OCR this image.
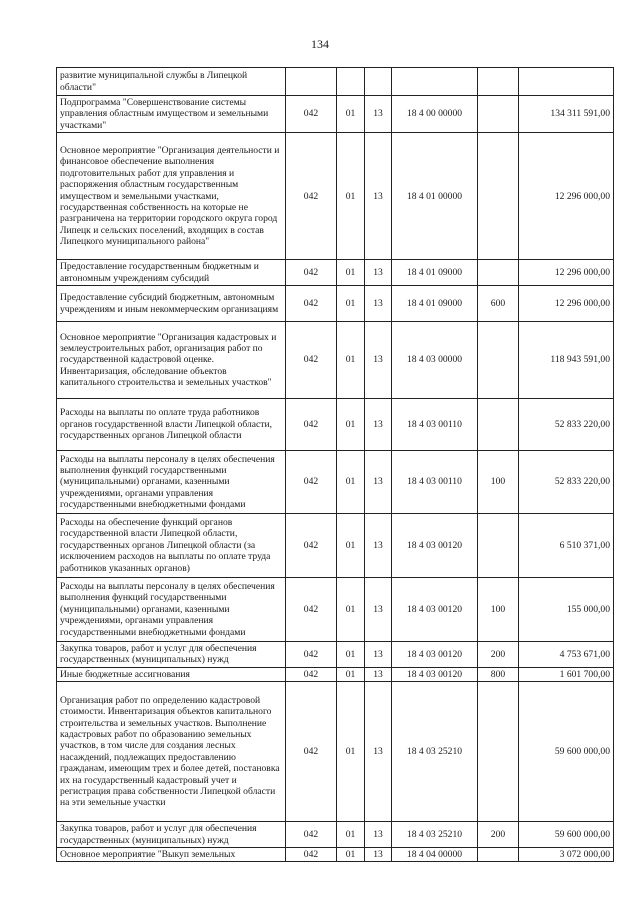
134
развитие муниципальной службы в Липецкой области"						
Подпрограмма "Совершенствование системы управления областным имуществом и земельными участками"	042	01	13	18 4 00 00000		134 311 591,00
Основное мероприятие "Организация деятельности и финансовое обеспечение выполнения подготовительных работ для управления и распоряжения областным государственным имуществом и земельными участками, государственная собственность на которые не разграничена на территории городского округа город Липецк и сельских поселений, входящих в состав Липецкого муниципального района"	042	01	13	18 4 01 00000		12 296 000,00
Предоставление государственным бюджетным и автономным учреждениям субсидий	042	01	13	18 4 01 09000		12 296 000,00
Предоставление субсидий бюджетным, автономным учреждениям и иным некоммерческим организациям	042	01	13	18 4 01 09000	600	12 296 000,00
Основное мероприятие "Организация кадастровых и землеустроительных работ, организация работ по государственной кадастровой оценке. Инвентаризация, обследование объектов капитального строительства и земельных участков"	042	01	13	18 4 03 00000		118 943 591,00
Расходы на выплаты по оплате труда работников органов государственной власти Липецкой области, государственных органов Липецкой области	042	01	13	18 4 03 00110		52 833 220,00
Расходы на выплаты персоналу в целях обеспечения выполнения функций государственными (муниципальными) органами, казенными учреждениями, органами управления государственными внебюджетными фондами	042	01	13	18 4 03 00110	100	52 833 220,00
Расходы на обеспечение функций органов государственной власти Липецкой области, государственных органов Липецкой области (за исключением расходов на выплаты по оплате труда работников указанных органов)	042	01	13	18 4 03 00120		6 510 371,00
Расходы на выплаты персоналу в целях обеспечения выполнения функций государственными (муниципальными) органами, казенными учреждениями, органами управления государственными внебюджетными фондами	042	01	13	18 4 03 00120	100	155 000,00
Закупка товаров, работ и услуг для обеспечения государственных (муниципальных) нужд	042	01	13	18 4 03 00120	200	4 753 671,00
Иные бюджетные ассигнования	042	01	13	18 4 03 00120	800	1 601 700,00
Организация работ по определению кадастровой стоимости. Инвентаризация объектов капитального строительства и земельных участков. Выполнение кадастровых работ по образованию земельных участков, в том числе для создания лесных насаждений, подлежащих предоставлению гражданам, имеющим трех и более детей, постановка их на государственный кадастровый учет и регистрация права собственности Липецкой области на эти земельные участки	042	01	13	18 4 03 25210		59 600 000,00
Закупка товаров, работ и услуг для обеспечения государственных (муниципальных) нужд	042	01	13	18 4 03 25210	200	59 600 000,00
Основное мероприятие "Выкуп земельных	042	01	13	18 4 04 00000		3 072 000,00
